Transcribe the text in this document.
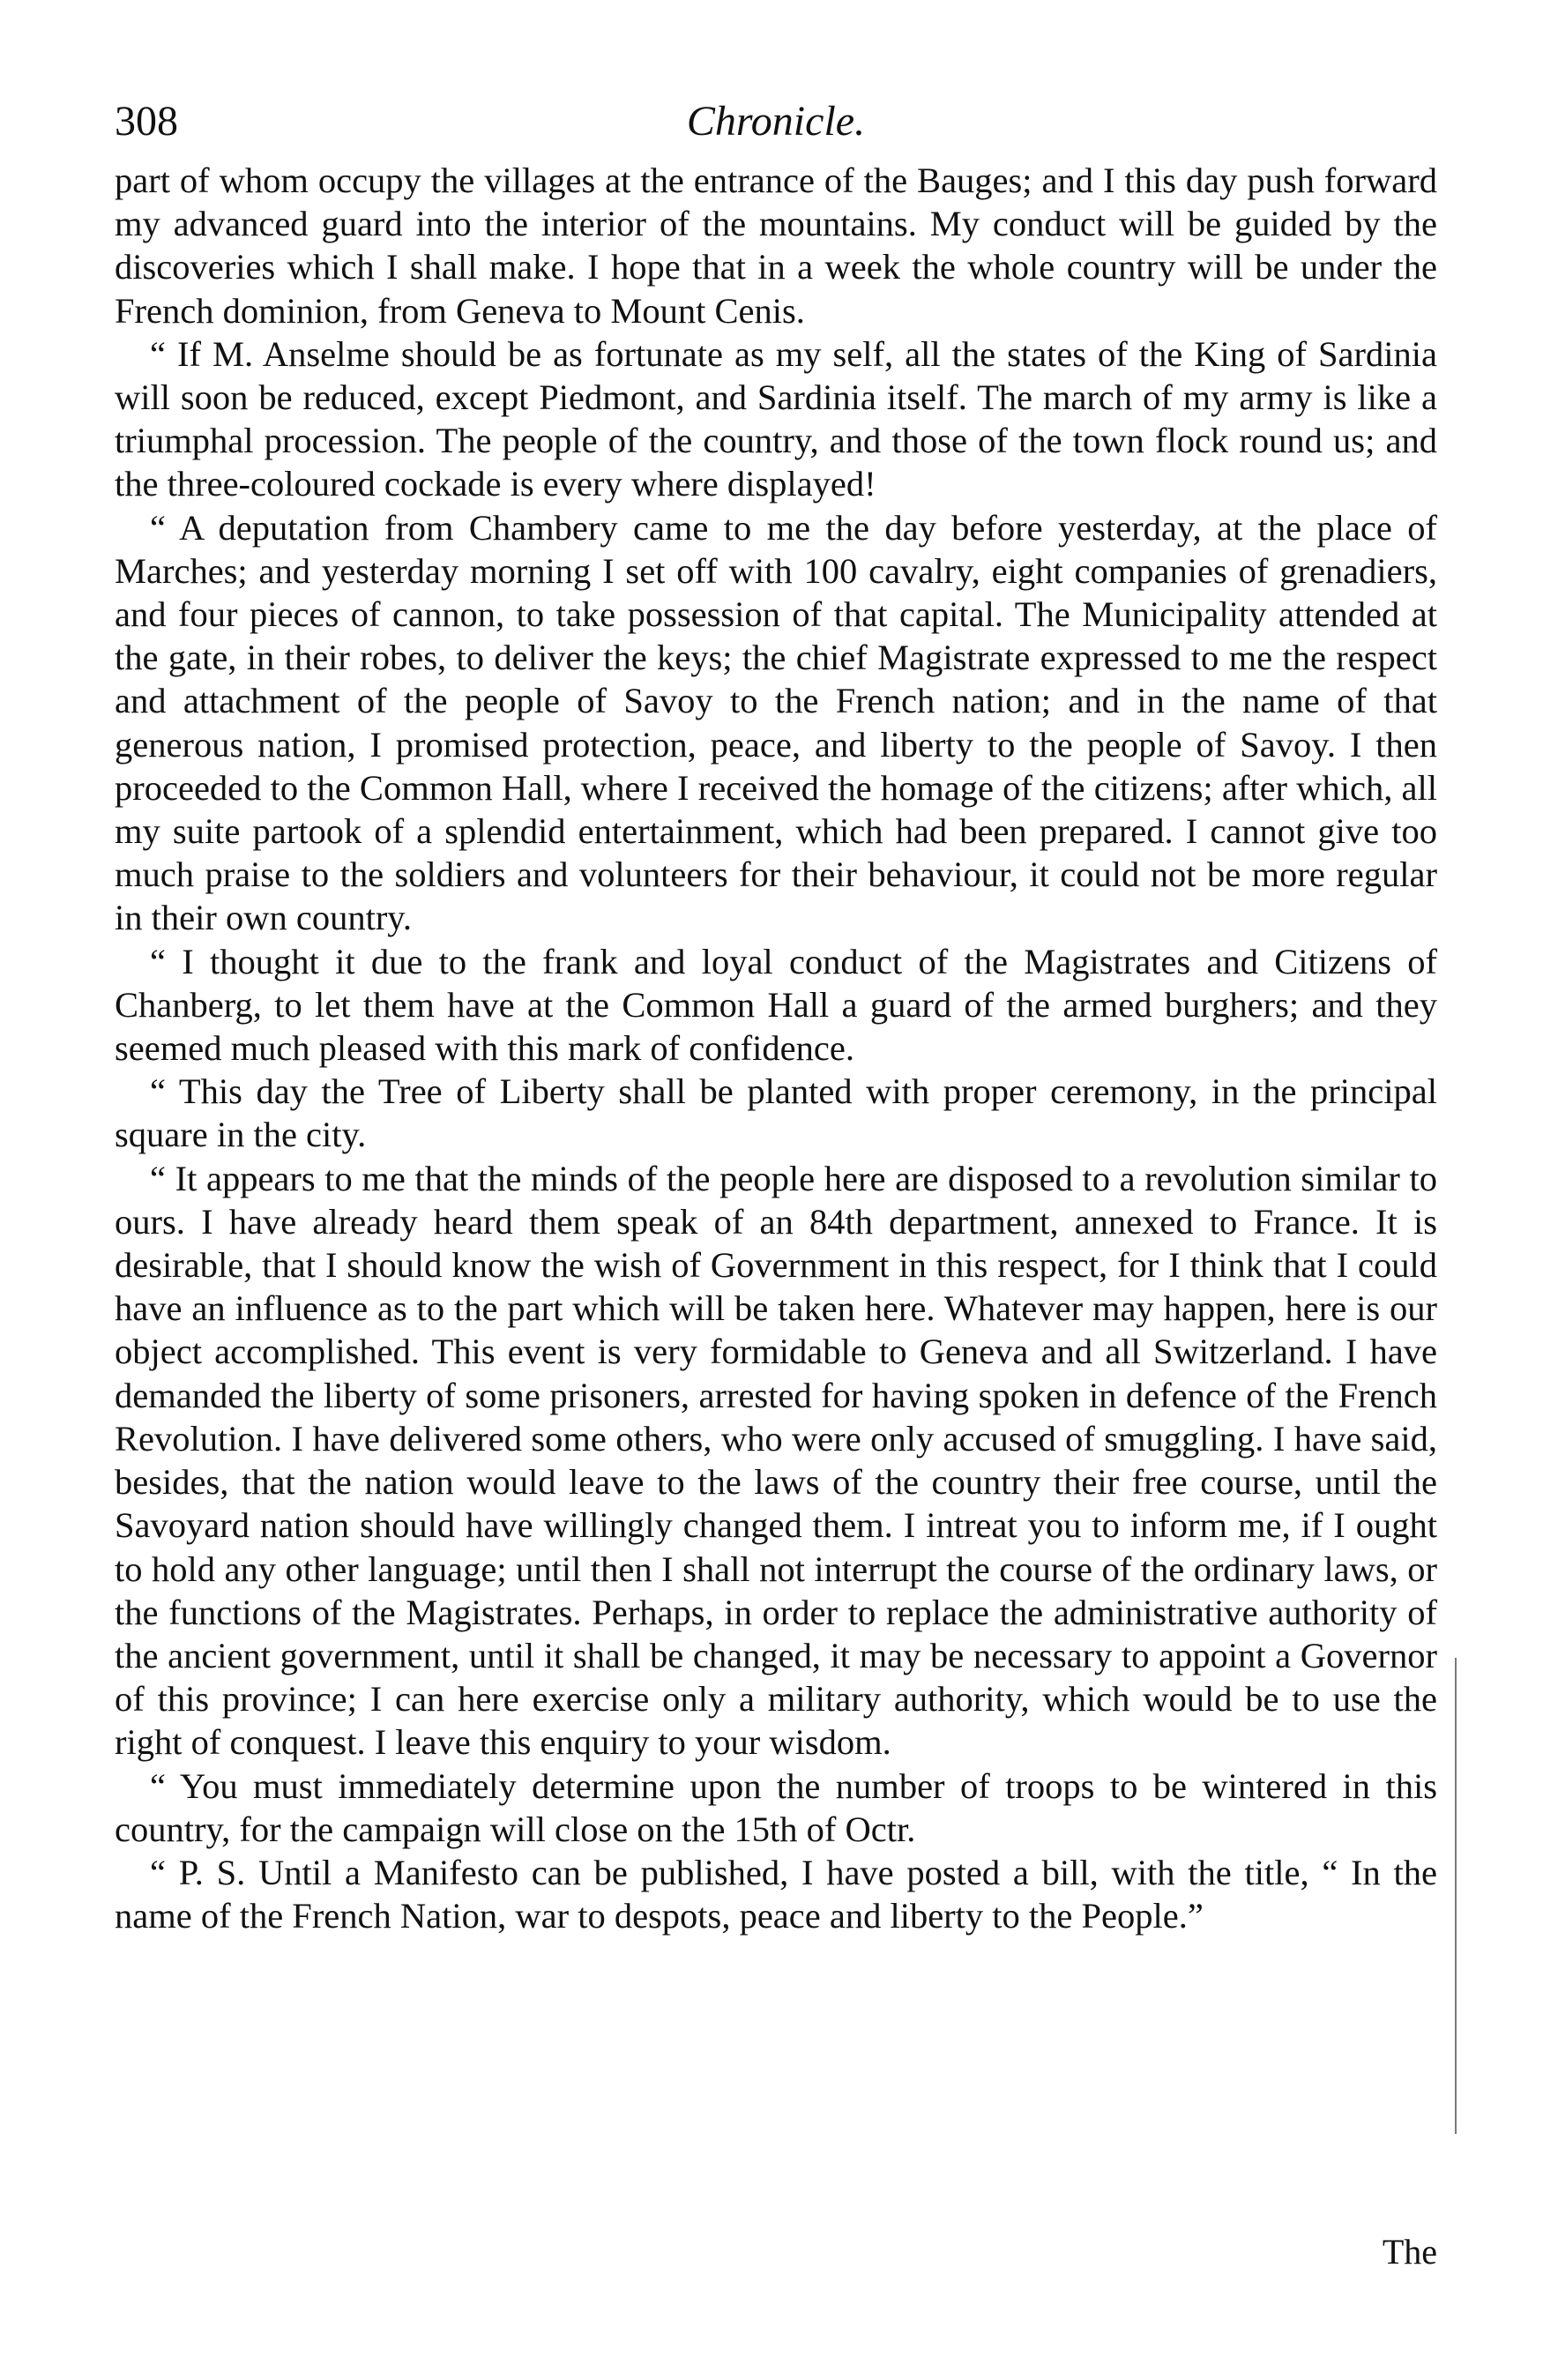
308	Chronicle.

part of whom occupy the villages at the entrance of the Bauges; and I this day push forward my advanced guard into the interior of the mountains. My conduct will be guided by the discoveries which I shall make. I hope that in a week the whole country will be under the French dominion, from Geneva to Mount Cenis.

“ If M. Anselme should be as fortunate as my self, all the states of the King of Sardinia will soon be reduced, except Piedmont, and Sardinia itself. The march of my army is like a triumphal procession. The people of the country, and those of the town flock round us; and the three-coloured cockade is every where displayed!

“ A deputation from Chambery came to me the day before yesterday, at the place of Marches; and yesterday morning I set off with 100 cavalry, eight companies of grenadiers, and four pieces of cannon, to take possession of that capital. The Municipality attended at the gate, in their robes, to deliver the keys; the chief Magistrate expressed to me the respect and attachment of the people of Savoy to the French nation; and in the name of that generous nation, I promised protection, peace, and liberty to the people of Savoy. I then proceeded to the Common Hall, where I received the homage of the citizens; after which, all my suite partook of a splendid entertainment, which had been prepared. I cannot give too much praise to the soldiers and volunteers for their behaviour, it could not be more regular in their own country.

“ I thought it due to the frank and loyal conduct of the Magistrates and Citizens of Chanberg, to let them have at the Common Hall a guard of the armed burghers; and they seemed much pleased with this mark of confidence.

“ This day the Tree of Liberty shall be planted with proper ceremony, in the principal square in the city.

“ It appears to me that the minds of the people here are disposed to a revolution similar to ours. I have already heard them speak of an 84th department, annexed to France. It is desirable, that I should know the wish of Government in this respect, for I think that I could have an influence as to the part which will be taken here. Whatever may happen, here is our object accomplished. This event is very formidable to Geneva and all Switzerland. I have demanded the liberty of some prisoners, arrested for having spoken in defence of the French Revolution. I have delivered some others, who were only accused of smuggling. I have said, besides, that the nation would leave to the laws of the country their free course, until the Savoyard nation should have willingly changed them. I intreat you to inform me, if I ought to hold any other language; until then I shall not interrupt the course of the ordinary laws, or the functions of the Magistrates. Perhaps, in order to replace the administrative authority of the ancient government, until it shall be changed, it may be necessary to appoint a Governor of this province; I can here exercise only a military authority, which would be to use the right of conquest. I leave this enquiry to your wisdom.

“ You must immediately determine upon the number of troops to be wintered in this country, for the campaign will close on the 15th of Octr.

“ P. S. Until a Manifesto can be published, I have posted a bill, with the title, “ In the name of the French Nation, war to despots, peace and liberty to the People.”

The
